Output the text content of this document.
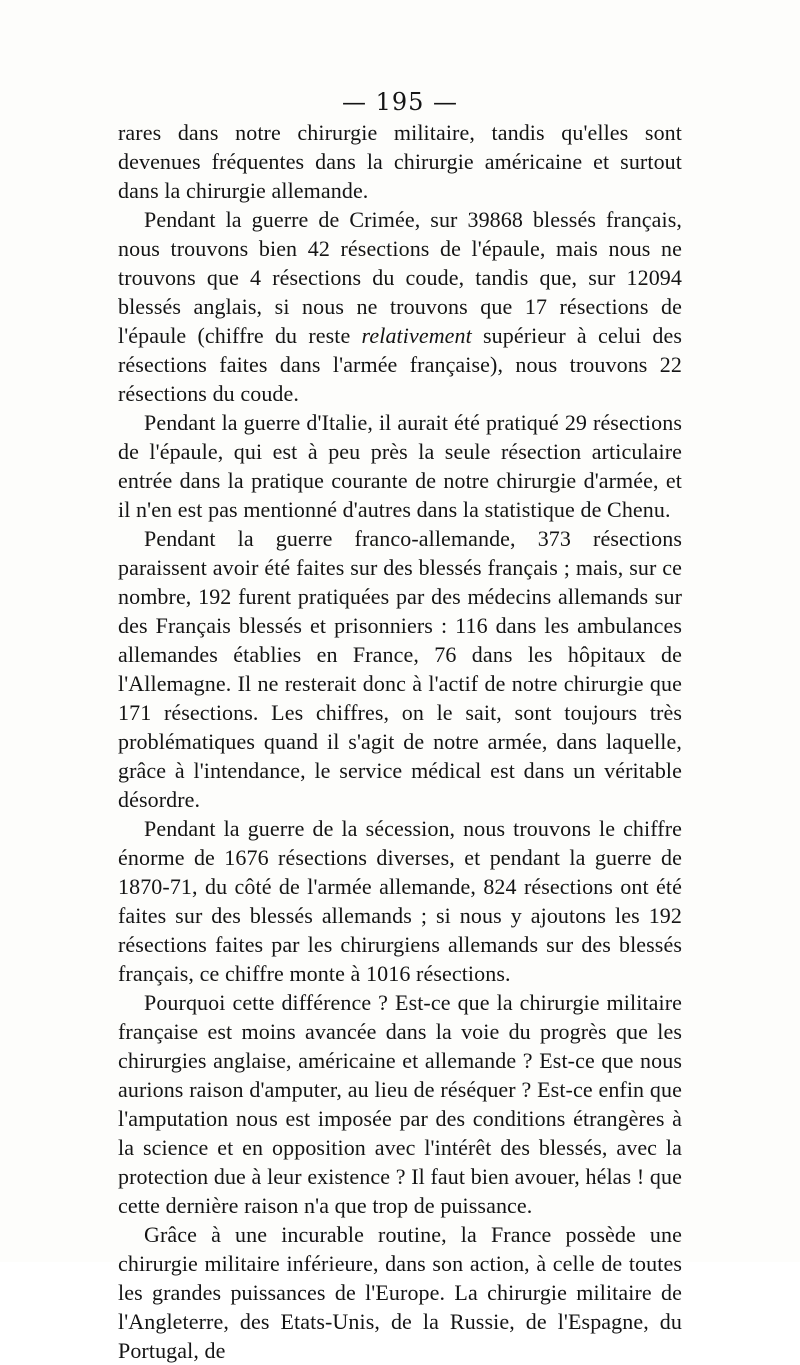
— 195 —

rares dans notre chirurgie militaire, tandis qu'elles sont devenues fréquentes dans la chirurgie américaine et surtout dans la chirurgie allemande.

Pendant la guerre de Crimée, sur 39868 blessés français, nous trouvons bien 42 résections de l'épaule, mais nous ne trouvons que 4 résections du coude, tandis que, sur 12094 blessés anglais, si nous ne trouvons que 17 résections de l'épaule (chiffre du reste relativement supérieur à celui des résections faites dans l'armée française), nous trouvons 22 résections du coude.

Pendant la guerre d'Italie, il aurait été pratiqué 29 résections de l'épaule, qui est à peu près la seule résection articulaire entrée dans la pratique courante de notre chirurgie d'armée, et il n'en est pas mentionné d'autres dans la statistique de Chenu.

Pendant la guerre franco-allemande, 373 résections paraissent avoir été faites sur des blessés français ; mais, sur ce nombre, 192 furent pratiquées par des médecins allemands sur des Français blessés et prisonniers : 116 dans les ambulances allemandes établies en France, 76 dans les hôpitaux de l'Allemagne. Il ne resterait donc à l'actif de notre chirurgie que 171 résections. Les chiffres, on le sait, sont toujours très problématiques quand il s'agit de notre armée, dans laquelle, grâce à l'intendance, le service médical est dans un véritable désordre.

Pendant la guerre de la sécession, nous trouvons le chiffre énorme de 1676 résections diverses, et pendant la guerre de 1870-71, du côté de l'armée allemande, 824 résections ont été faites sur des blessés allemands ; si nous y ajoutons les 192 résections faites par les chirurgiens allemands sur des blessés français, ce chiffre monte à 1016 résections.

Pourquoi cette différence ? Est-ce que la chirurgie militaire française est moins avancée dans la voie du progrès que les chirurgies anglaise, américaine et allemande ? Est-ce que nous aurions raison d'amputer, au lieu de réséquer ? Est-ce enfin que l'amputation nous est imposée par des conditions étrangères à la science et en opposition avec l'intérêt des blessés, avec la protection due à leur existence ? Il faut bien avouer, hélas ! que cette dernière raison n'a que trop de puissance.

Grâce à une incurable routine, la France possède une chirurgie militaire inférieure, dans son action, à celle de toutes les grandes puissances de l'Europe. La chirurgie militaire de l'Angleterre, des Etats-Unis, de la Russie, de l'Espagne, du Portugal, de
